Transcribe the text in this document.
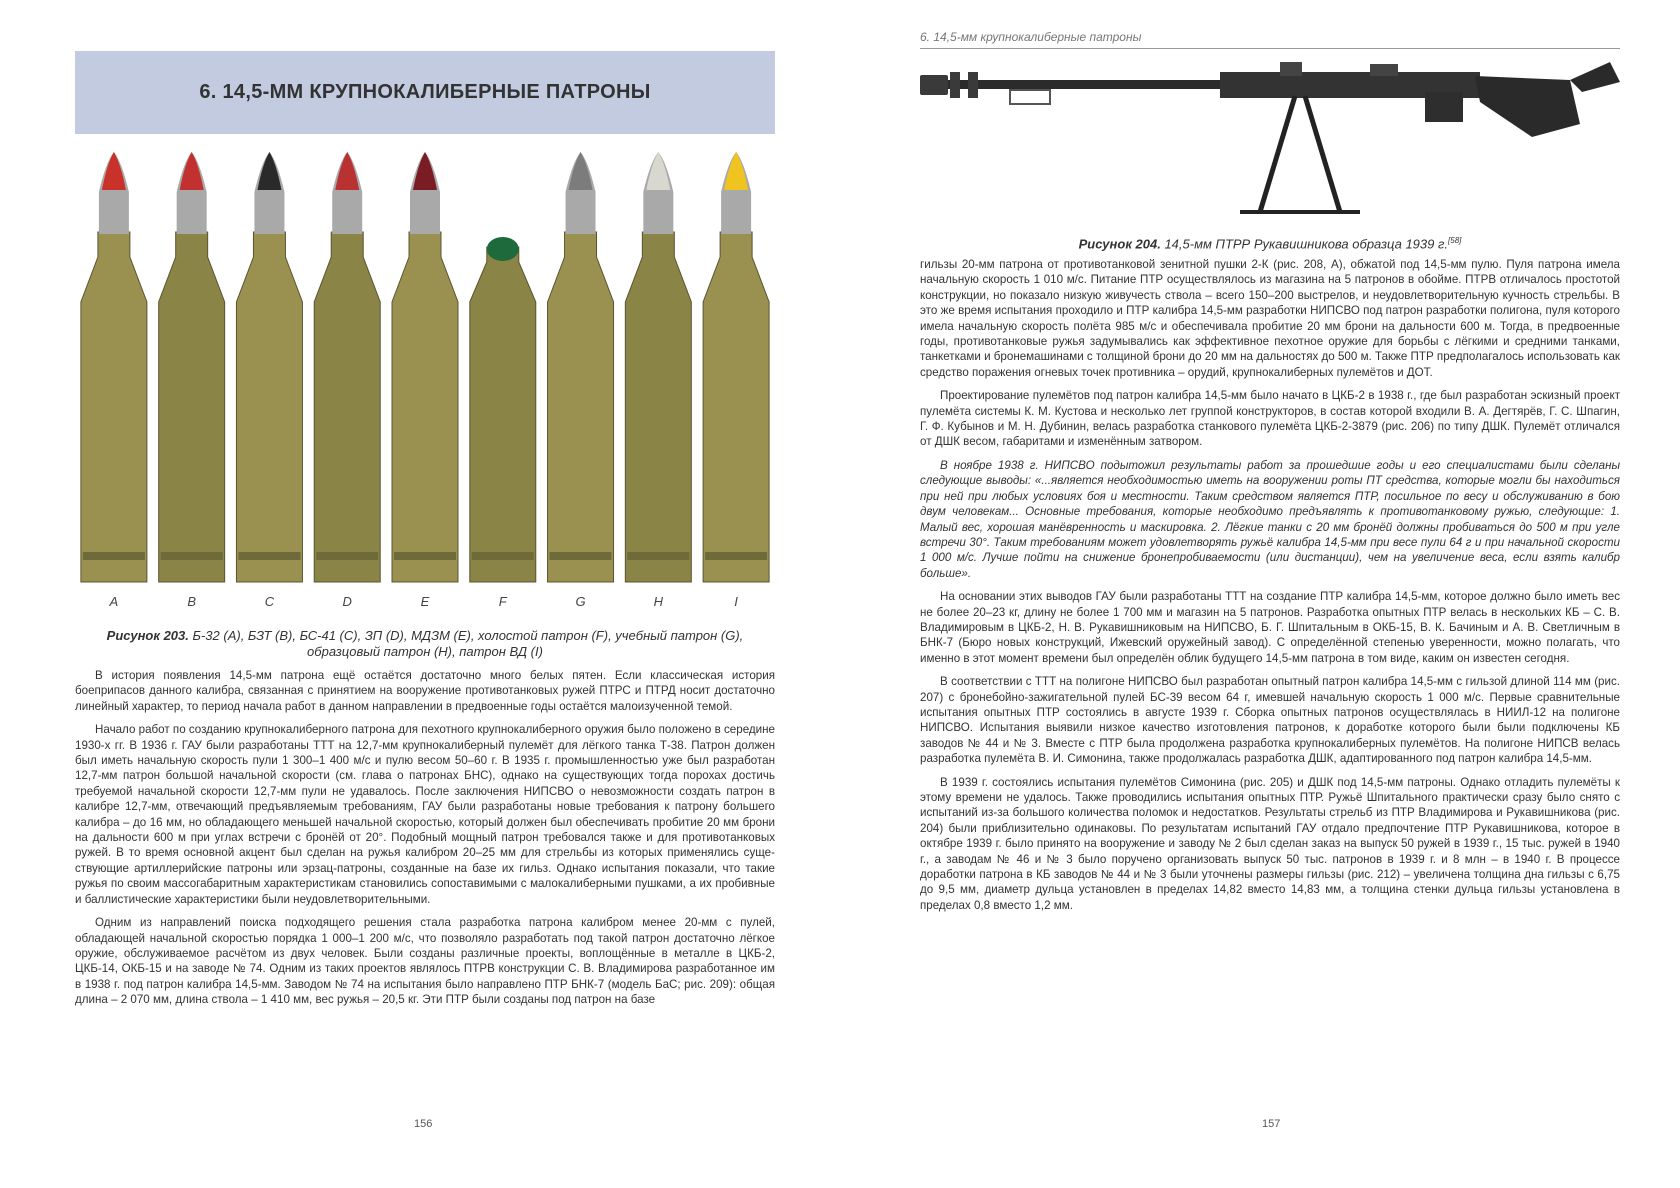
6. 14,5-ММ КРУПНОКАЛИБЕРНЫЕ ПАТРОНЫ
A	B	C	D	E	F	G	H	I
Рисунок 203. Б-32 (А), БЗТ (В), БС-41 (С), ЗП (D), МДЗМ (Е), холостой патрон (F), учебный патрон (G), образцовый патрон (Н), патрон ВД (I)

В история появления 14,5-мм патрона ещё остаётся достаточно много белых пятен. Если классическая история боеприпасов данного калибра, связанная с принятием на вооружение противотанковых ружей ПТРС и ПТРД носит достаточно линейный характер, то период начала работ в данном направлении в предвоенные годы остаётся малоизученной темой.

Начало работ по созданию крупнокалиберного патрона для пехотного крупнокалиберного оружия было положено в середине 1930-х гг. В 1936 г. ГАУ были разработаны ТТТ на 12,7-мм крупнокалиберный пулемёт для лёгкого танка Т-38. Патрон должен был иметь начальную скорость пули 1 300–1 400 м/с и пулю весом 50–60 г. В 1935 г. промышленностью уже был разработан 12,7-мм патрон большой начальной скорости (см. глава о патронах БНС), однако на существующих тогда порохах достичь требуемой начальной скорости 12,7-мм пули не удавалось. После заключения НИПСВО о невозможности создать патрон в калибре 12,7-мм, отвечающий предъявляемым требованиям, ГАУ были разработаны новые требования к патрону большего калибра – до 16 мм, но обладающего меньшей начальной скоростью, который должен был обеспечивать пробитие 20 мм брони на дальности 600 м при углах встречи с бронёй от 20°. Подобный мощный патрон требовался также и для противотанковых ружей. В то время основной акцент был сделан на ружья калибром 20–25 мм для стрельбы из которых применялись существующие артиллерийские патроны или эрзац-патроны, созданные на базе их гильз. Однако испытания показали, что такие ружья по своим массогабаритным характеристикам становились сопоставимыми с малокалиберными пушками, а их пробивные и баллистические характеристики были неудовлетворительными.

Одним из направлений поиска подходящего решения стала разработка патрона калибром менее 20-мм с пулей, обладающей начальной скоростью порядка 1 000–1 200 м/с, что позволяло разработать под такой патрон достаточно лёгкое оружие, обслуживаемое расчётом из двух человек. Были созданы различные проекты, воплощённые в металле в ЦКБ-2, ЦКБ-14, ОКБ-15 и на заводе № 74. Одним из таких проектов являлось ПТРВ конструкции С. В. Владимирова разработанное им в 1938 г. под патрон калибра 14,5-мм. Заводом № 74 на испытания было направлено ПТР БНК-7 (модель БаС; рис. 209): общая длина – 2 070 мм, длина ствола – 1 410 мм, вес ружья – 20,5 кг. Эти ПТР были созданы под патрон на базе

156
6. 14,5-мм крупнокалиберные патроны
Рисунок 204. 14,5-мм ПТРР Рукавишникова образца 1939 г.[58]

гильзы 20-мм патрона от противотанковой зенитной пушки 2-К (рис. 208, А), обжатой под 14,5-мм пулю. Пуля патрона имела начальную скорость 1 010 м/с. Питание ПТР осуществлялось из магазина на 5 патронов в обойме. ПТРВ отличалось простотой конструкции, но показало низкую живучесть ствола – всего 150–200 выстрелов, и неудовлетворительную кучность стрельбы. В это же время испытания проходило и ПТР калибра 14,5-мм разработки НИПСВО под патрон разработки полигона, пуля которого имела начальную скорость полёта 985 м/с и обеспечивала пробитие 20 мм брони на дальности 600 м. Тогда, в предвоенные годы, противотанковые ружья задумывались как эффективное пехотное оружие для борьбы с лёгкими и средними танками, танкетками и бронемашинами с толщиной брони до 20 мм на дальностях до 500 м. Также ПТР предполагалось использовать как средство поражения огневых точек противника – орудий, крупнокалиберных пулемётов и ДОТ.

Проектирование пулемётов под патрон калибра 14,5-мм было начато в ЦКБ-2 в 1938 г., где был разработан эскизный проект пулемёта системы К. М. Кустова и несколько лет группой конструкторов, в состав которой входили В. А. Дегтярёв, Г. С. Шпагин, Г. Ф. Кубынов и М. Н. Дубинин, велась разработка станкового пулемёта ЦКБ-2-3879 (рис. 206) по типу ДШК. Пулемёт отличался от ДШК весом, габаритами и изменённым затвором.

В ноябре 1938 г. НИПСВО подытожил результаты работ за прошедшие годы и его специалистами были сделаны следующие выводы: «...является необходимостью иметь на вооружении роты ПТ средства, которые могли бы находиться при ней при любых условиях боя и местности. Таким средством является ПТР, посильное по весу и обслуживанию в бою двум человекам... Основные требования, которые необходимо предъявлять к противотанковому ружью, следующие: 1. Малый вес, хорошая манёвренность и маскировка. 2. Лёгкие танки с 20 мм бронёй должны пробиваться до 500 м при угле встречи 30°. Таким требованиям может удовлетворять ружьё калибра 14,5-мм при весе пули 64 г и при начальной скорости 1 000 м/с. Лучше пойти на снижение бронепробиваемости (или дистанции), чем на увеличение веса, если взять калибр больше».

На основании этих выводов ГАУ были разработаны ТТТ на создание ПТР калибра 14,5-мм, которое должно было иметь вес не более 20–23 кг, длину не более 1 700 мм и магазин на 5 патронов. Разработка опытных ПТР велась в нескольких КБ – С. В. Владимировым в ЦКБ-2, Н. В. Рукавишниковым на НИПСВО, Б. Г. Шпитальным в ОКБ-15, В. К. Бачиным и А. В. Светличным в БНК-7 (Бюро новых конструкций, Ижевский оружейный завод). С определённой степенью уверенности, можно полагать, что именно в этот момент времени был определён облик будущего 14,5-мм патрона в том виде, каким он известен сегодня.

В соответствии с ТТТ на полигоне НИПСВО был разработан опытный патрон калибра 14,5-мм с гильзой длиной 114 мм (рис. 207) с бронебойно-зажигательной пулей БС-39 весом 64 г, имевшей начальную скорость 1 000 м/с. Первые сравнительные испытания опытных ПТР состоялись в августе 1939 г. Сборка опытных патронов осуществлялась в НИИЛ-12 на полигоне НИПСВО. Испытания выявили низкое качество изготовления патронов, к доработке которого были были подключены КБ заводов № 44 и № 3. Вместе с ПТР была продолжена разработка крупнокалиберных пулемётов. На полигоне НИПСВ велась разработка пулемёта В. И. Симонина, также продолжалась разработка ДШК, адаптированного под патрон калибра 14,5-мм.

В 1939 г. состоялись испытания пулемётов Симонина (рис. 205) и ДШК под 14,5-мм патроны. Однако отладить пулемёты к этому времени не удалось. Также проводились испытания опытных ПТР. Ружьё Шпитального практически сразу было снято с испытаний из-за большого количества поломок и недостатков. Результаты стрельб из ПТР Владимирова и Рукавишникова (рис. 204) были приблизительно одинаковы. По результатам испытаний ГАУ отдало предпочтение ПТР Рукавишникова, которое в октябре 1939 г. было принято на вооружение и заводу № 2 был сделан заказ на выпуск 50 ружей в 1939 г., 15 тыс. ружей в 1940 г., а заводам № 46 и № 3 было поручено организовать выпуск 50 тыс. патронов в 1939 г. и 8 млн – в 1940 г. В процессе доработки патрона в КБ заводов № 44 и № 3 были уточнены размеры гильзы (рис. 212) – увеличена толщина дна гильзы с 6,75 до 9,5 мм, диаметр дульца установлен в пределах 14,82 вместо 14,83 мм, а толщина стенки дульца гильзы установлена в пределах 0,8 вместо 1,2 мм.

157
